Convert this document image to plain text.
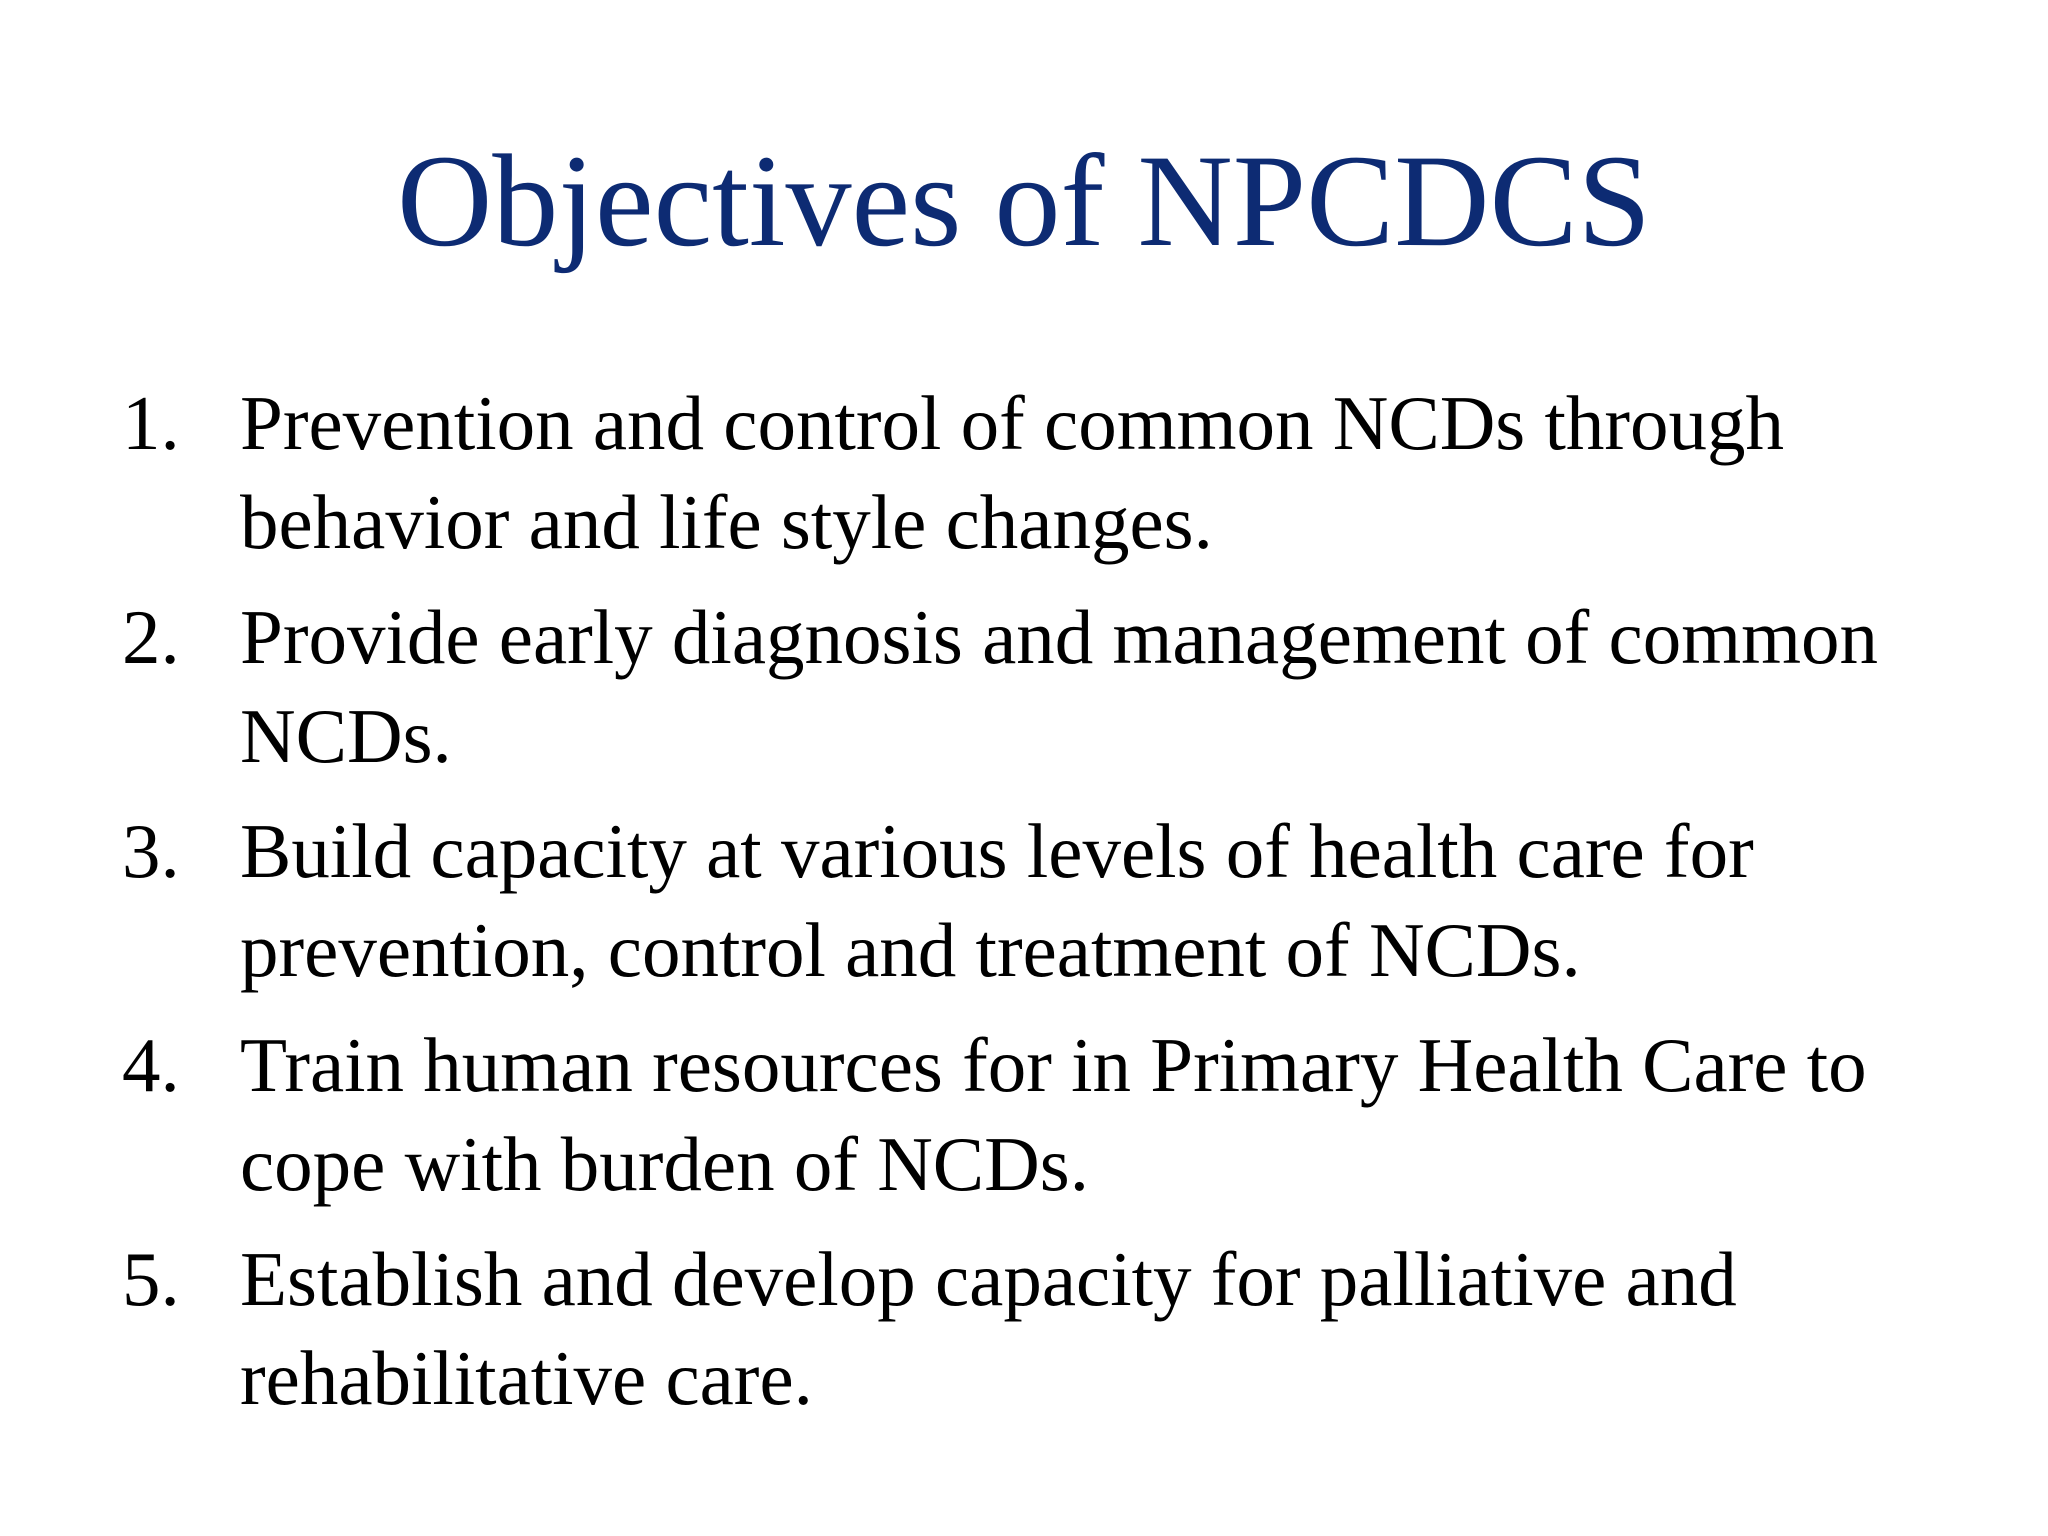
Objectives of NPCDCS
1. Prevention and control of common NCDs through behavior and life style changes.
2. Provide early diagnosis and management of common NCDs.
3. Build capacity at various levels of health care for prevention, control and treatment of NCDs.
4. Train human resources for in Primary Health Care to cope with burden of NCDs.
5. Establish and develop capacity for palliative and rehabilitative care.
